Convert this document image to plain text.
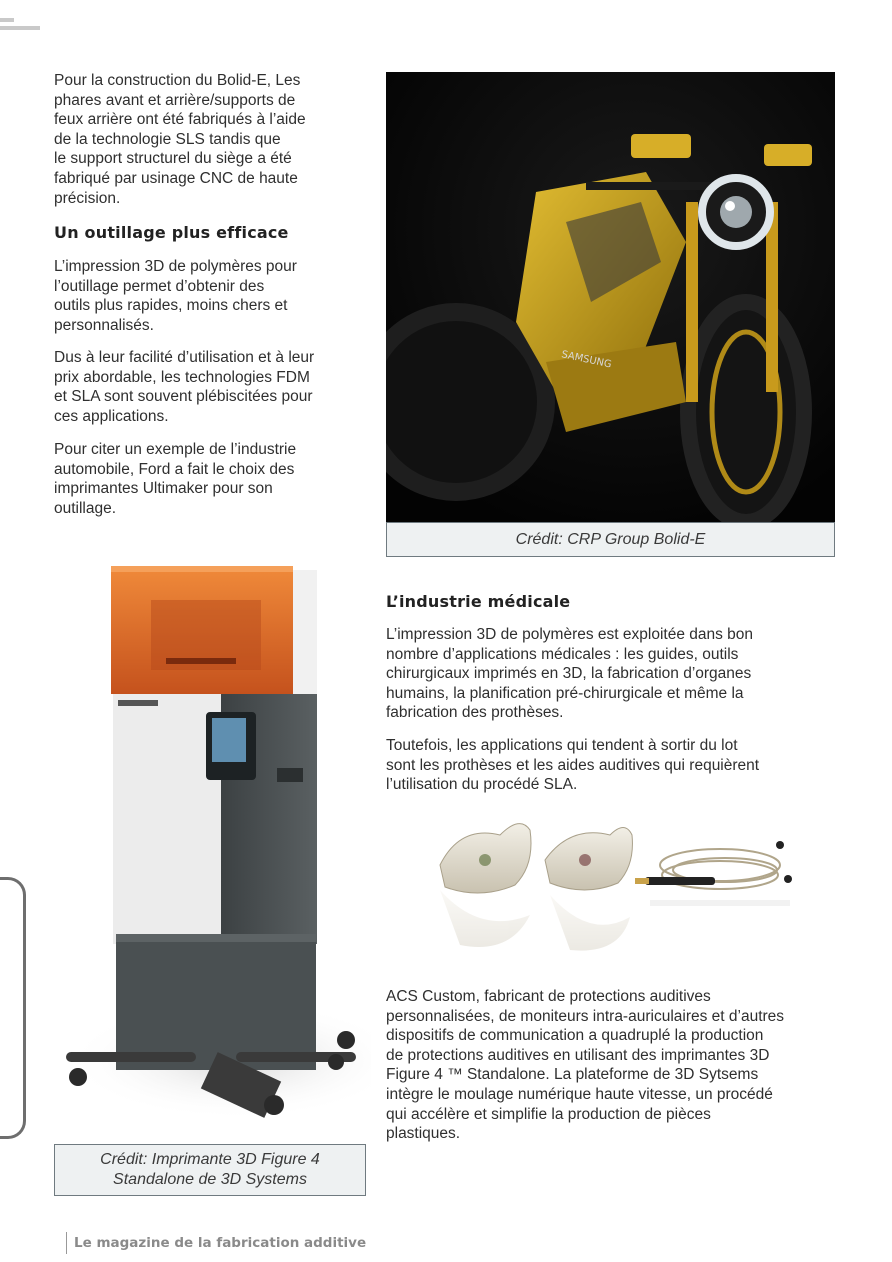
Pour la construction du Bolid-E, Les
phares avant et arrière/supports de
feux arrière ont été fabriqués à l’aide
de la technologie SLS tandis que
le support structurel du siège a été
fabriqué par usinage CNC de haute
précision.

Un outillage plus efficace

L’impression 3D de polymères pour
l’outillage permet d’obtenir des
outils plus rapides, moins chers et
personnalisés.

Dus à leur facilité d’utilisation et à leur
prix abordable, les technologies FDM
et SLA sont souvent plébiscitées pour
ces applications.

Pour citer un exemple de l’industrie
automobile, Ford a fait le choix des
imprimantes Ultimaker pour son
outillage.

Crédit: Imprimante 3D Figure 4
Standalone de 3D Systems
SAMSUNG
Crédit: CRP Group Bolid-E
L’industrie médicale

L’impression 3D de polymères est exploitée dans bon
nombre d’applications médicales : les guides, outils
chirurgicaux imprimés en 3D, la fabrication d’organes
humains, la planification pré-chirurgicale et même la
fabrication des prothèses.

Toutefois, les applications qui tendent à sortir du lot
sont les prothèses et les aides auditives qui requièrent
l’utilisation du procédé SLA.

ACS Custom, fabricant de protections auditives
personnalisées, de moniteurs intra-auriculaires et d’autres
dispositifs de communication a quadruplé la production
de protections auditives en utilisant des imprimantes 3D
Figure 4 ™ Standalone. La plateforme de 3D Sytsems
intègre le moulage numérique haute vitesse, un procédé
qui accélère et simplifie la production de pièces
plastiques.

Le magazine de la fabrication additive
